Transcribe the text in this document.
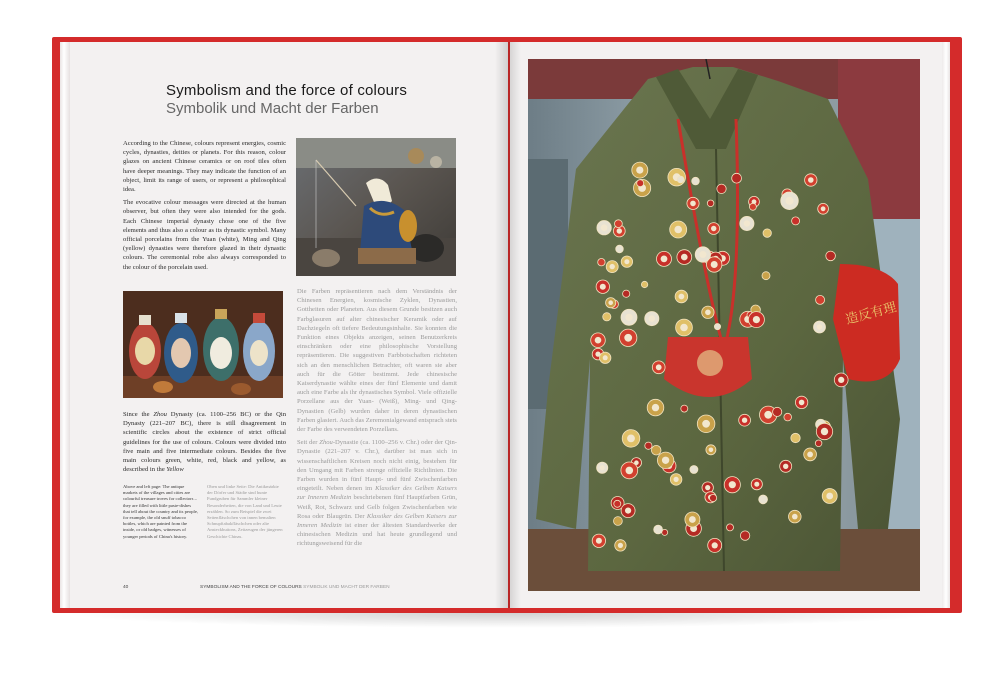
Symbolism and the force of colours
Symbolik und Macht der Farben

According to the Chinese, colours represent energies, cosmic cycles, dynasties, deities or planets. For this reason, colour glazes on ancient Chinese ceramics or on roof tiles often have deeper meanings. They may indicate the function of an object, limit its range of users, or represent a philosophical idea.

The evocative colour messages were directed at the human observer, but often they were also intended for the gods. Each Chinese imperial dynasty chose one of the five elements and thus also a colour as its dynastic symbol. Many official porcelains from the Yuan (white), Ming and Qing (yellow) dynasties were therefore glazed in their dynastic colours. The ceremonial robe also always corresponded to the colour of the porcelain used.

Die Farben repräsentieren nach dem Verständnis der Chinesen Energien, kosmische Zyklen, Dynastien, Gottheiten oder Planeten. Aus diesem Grunde besitzen auch Farbglasuren auf alter chinesischer Keramik oder auf Dachziegeln oft tiefere Bedeutungsinhalte. Sie konnten die Funktion eines Objekts anzeigen, seinen Benutzerkreis einschränken oder eine philosophische Vorstellung repräsentieren. Die suggestiven Farbbotschaften richteten sich an den menschlichen Betrachter, oft waren sie aber auch für die Götter bestimmt. Jede chinesische Kaiserdynastie wählte eines der fünf Elemente und damit auch eine Farbe als ihr dynastisches Symbol. Viele offizielle Porzellane aus der Yuan- (Weiß), Ming- und Qing-Dynastien (Gelb) wurden daher in deren dynastischen Farben glasiert. Auch das Zeremonialgewand entsprach stets der Farbe des verwendeten Porzellans.

Seit der Zhou-Dynastie (ca. 1100–256 v. Chr.) oder der Qin-Dynastie (221–207 v. Chr.), darüber ist man sich in wissenschaftlichen Kreisen noch nicht einig, bestehen für den Umgang mit Farben strenge offizielle Richtlinien. Die Farben wurden in fünf Haupt- und fünf Zwischenfarben eingeteilt. Neben denen im Klassiker des Gelben Kaisers zur Inneren Medizin beschriebenen fünf Hauptfarben Grün, Weiß, Rot, Schwarz und Gelb folgen Zwischenfarben wie Rosa oder Blaugrün. Der Klassiker des Gelben Kaisers zur Inneren Medizin ist einer der ältesten Standardwerke der chinesischen Medizin und hat heute grundlegend und richtungsweisend für die

Since the Zhou Dynasty (ca. 1100–256 BC) or the Qin Dynasty (221–207 BC), there is still disagreement in scientific circles about the existence of strict official guidelines for the use of colours. Colours were divided into five main and five intermediate colours. Besides the five main colours green, white, red, black and yellow, as described in the Yellow

Above and left page: The antique markets of the villages and cities are colourful treasure troves for collectors – they are filled with little paste-dishes that tell about the country and its people, for example, the old snuff tobacco bottles, which are painted from the inside, or old badges, witnesses of younger periods of China's history.
Oben und linke Seite: Die Antikmärkte der Dörfer und Städte sind bunte Fundgruben für Sammler kleiner Besonderheiten, die von Land und Leute erzählen. So zum Beispiel die zwei Seitenfläschchen von innen bemalten Schnupftabakfläschchen oder alte Ansteckbuttons, Zeitzeugen der jüngeren Geschichte Chinas.
40	SYMBOLISM AND THE FORCE OF COLOURS SYMBOLIK UND MACHT DER FARBEN
造反有理
